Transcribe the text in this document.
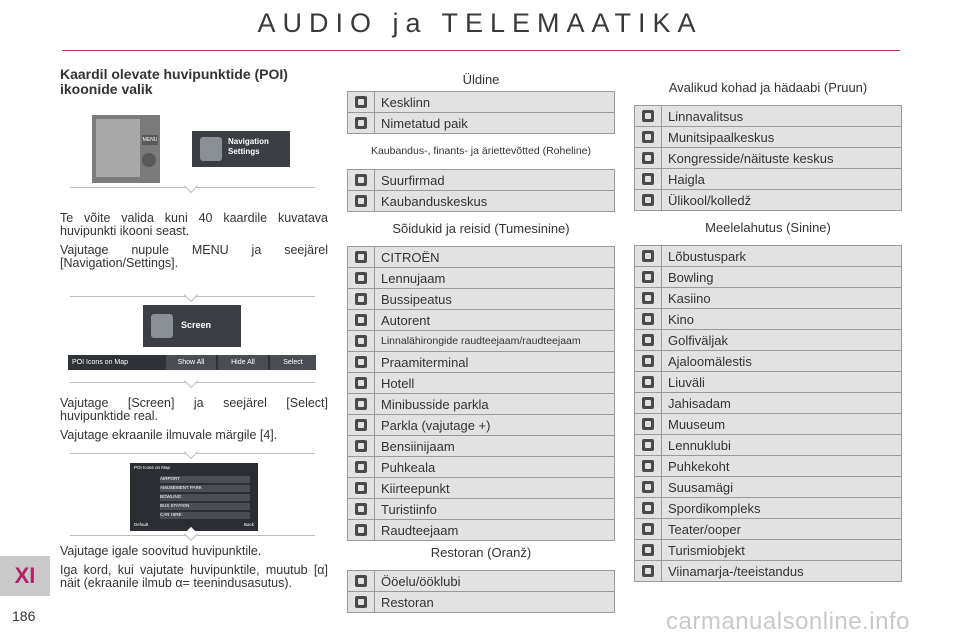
AUDIO ja TELEMAATIKA
Kaardil olevate huvipunktide (POI) ikoonide valik
MENU	Navigation Settings

Te võite valida kuni 40 kaardile kuvatava huvipunkti ikooni seast.

Vajutage nupule MENU ja seejärel [Navigation/Settings].

Screen
POI Icons on Map	Show All	Hide All	Select

Vajutage [Screen] ja seejärel [Select] huvipunktide real.

Vajutage ekraanile ilmuvale märgile [4].

POI Icons on Map
AIRPORT
AMUSEMENT PARK
BOWLING
BUS STATION
CAR HIRE
Default	Back

Vajutage igale soovitud huvipunktile.

Iga kord, kui vajutate huvipunktile, muutub [α] näit (ekraanile ilmub α= teenindusasutus).

Üldine
Kesklinn
Nimetatud paik
Kaubandus-, finants- ja äriettevõtted (Roheline)
Suurfirmad
Kaubanduskeskus
Sõidukid ja reisid (Tumesinine)
CITROËN
Lennujaam
Bussipeatus
Autorent
Linnalähirongide raudteejaam/raudteejaam
Praamiterminal
Hotell
Minibusside parkla
Parkla (vajutage +)
Bensiinijaam
Puhkeala
Kiirteepunkt
Turistiinfo
Raudteejaam
Restoran (Oranž)
Ööelu/ööklubi
Restoran
Avalikud kohad ja hädaabi (Pruun)
Linnavalitsus
Munitsipaalkeskus
Kongresside/näituste keskus
Haigla
Ülikool/kolledž
Meelelahutus (Sinine)
Lõbustuspark
Bowling
Kasiino
Kino
Golfiväljak
Ajaloomälestis
Liuväli
Jahisadam
Muuseum
Lennuklubi
Puhkekoht
Suusamägi
Spordikompleks
Teater/ooper
Turismiobjekt
Viinamarja-/teeistandus
XI
186	carmanualsonline.info
